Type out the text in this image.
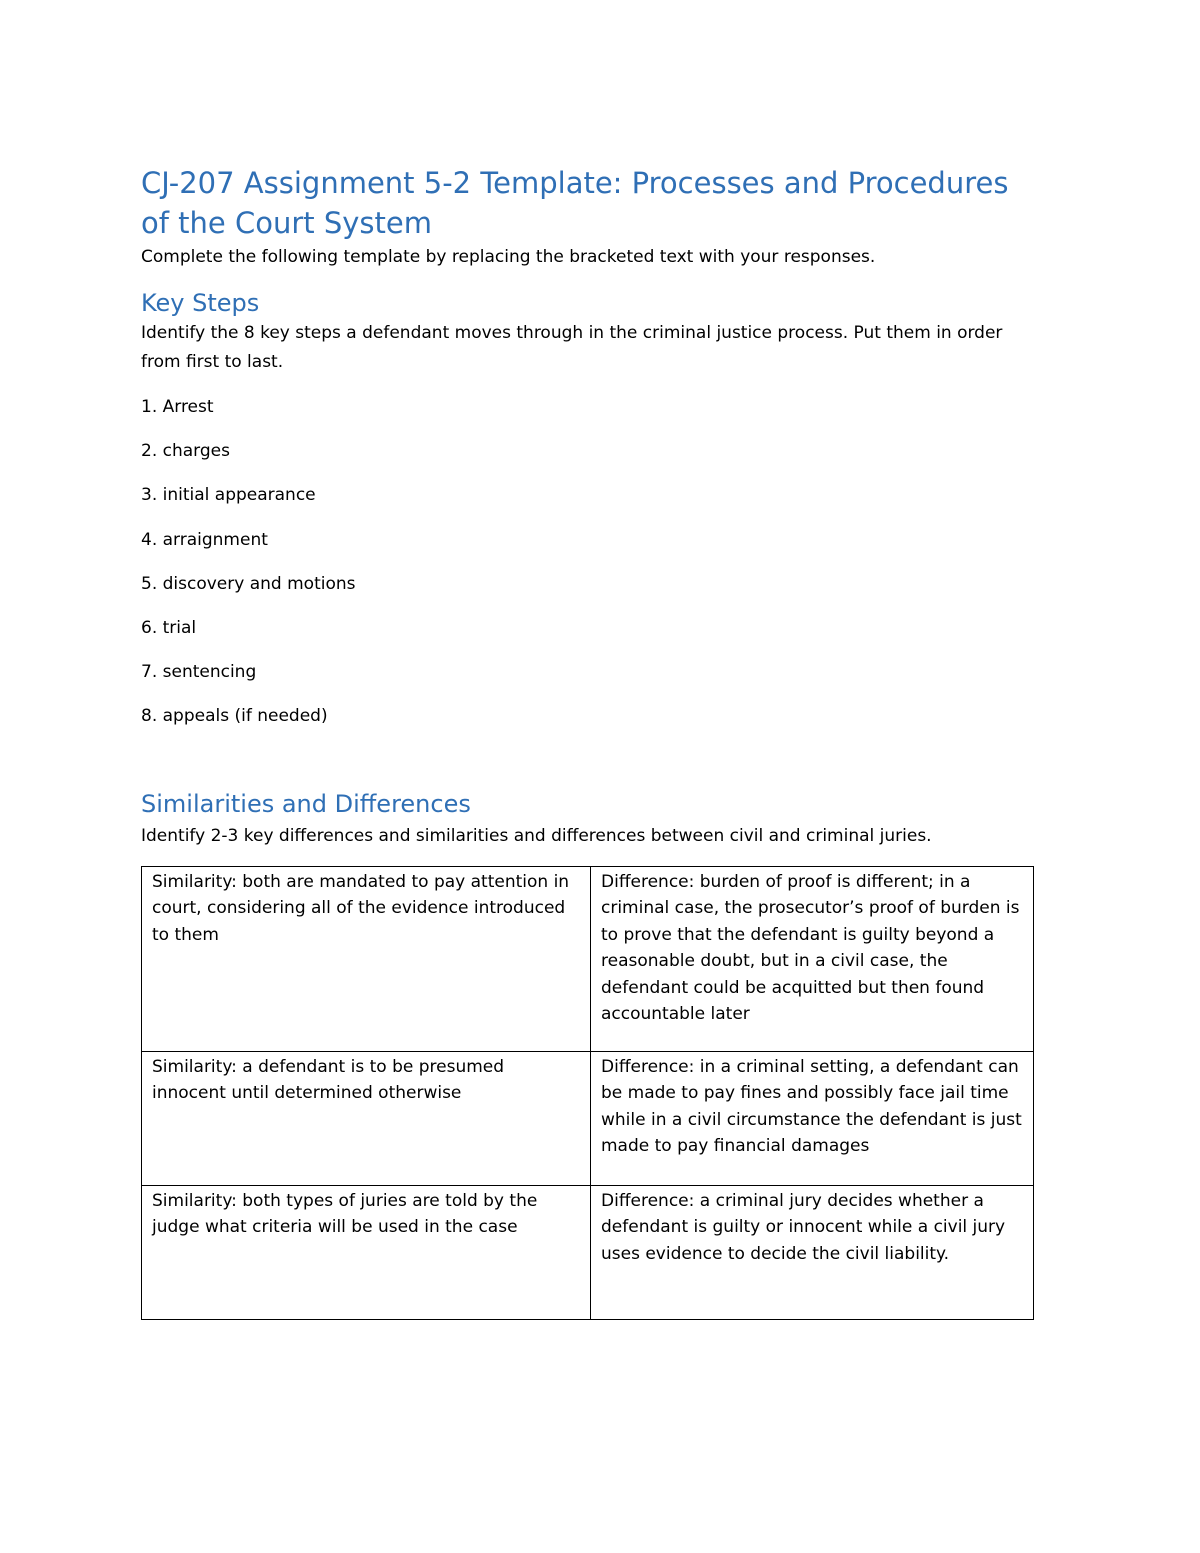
CJ-207 Assignment 5-2 Template: Processes and Procedures of the Court System

Complete the following template by replacing the bracketed text with your responses.

Key Steps

Identify the 8 key steps a defendant moves through in the criminal justice process. Put them in order from first to last.

1. Arrest
2. charges
3. initial appearance
4. arraignment
5. discovery and motions
6. trial
7. sentencing
8. appeals (if needed)
Similarities and Differences

Identify 2-3 key differences and similarities and differences between civil and criminal juries.

Similarity: both are mandated to pay attention in court, considering all of the evidence introduced to them	Difference: burden of proof is different; in a criminal case, the prosecutor’s proof of burden is to prove that the defendant is guilty beyond a reasonable doubt, but in a civil case, the defendant could be acquitted but then found accountable later
Similarity: a defendant is to be presumed innocent until determined otherwise	Difference: in a criminal setting, a defendant can be made to pay fines and possibly face jail time while in a civil circumstance the defendant is just made to pay financial damages
Similarity: both types of juries are told by the judge what criteria will be used in the case	Difference: a criminal jury decides whether a defendant is guilty or innocent while a civil jury uses evidence to decide the civil liability.
